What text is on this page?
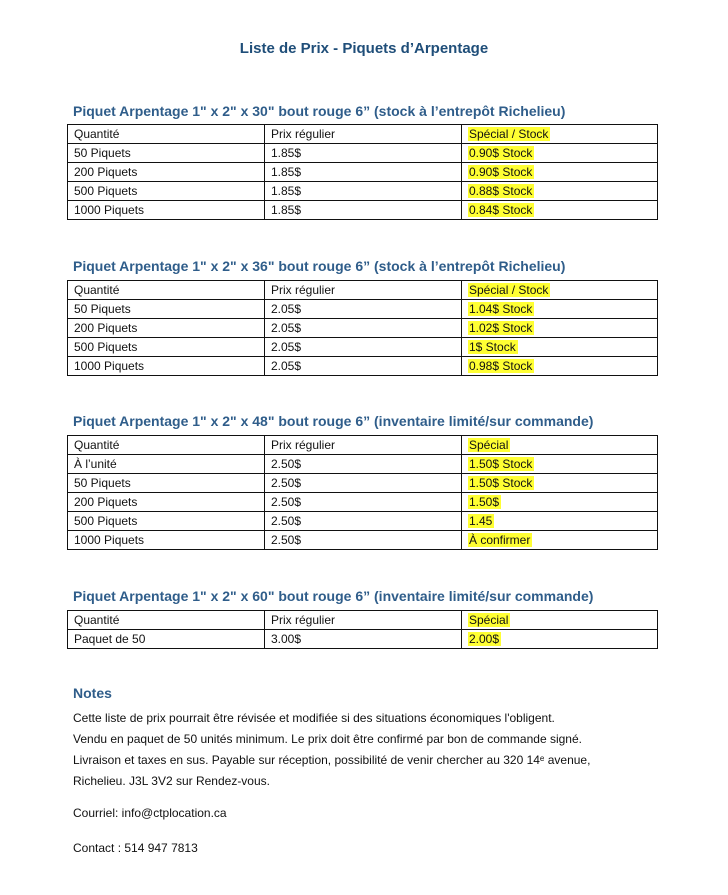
Liste de Prix - Piquets d’Arpentage
Piquet Arpentage 1" x 2" x 30" bout rouge 6” (stock à l’entrepôt Richelieu)
Quantité	Prix régulier	Spécial / Stock
50 Piquets	1.85$	0.90$ Stock
200 Piquets	1.85$	0.90$ Stock
500 Piquets	1.85$	0.88$ Stock
1000 Piquets	1.85$	0.84$ Stock
Piquet Arpentage 1" x 2" x 36" bout rouge 6” (stock à l’entrepôt Richelieu)
Quantité	Prix régulier	Spécial / Stock
50 Piquets	2.05$	1.04$ Stock
200 Piquets	2.05$	1.02$ Stock
500 Piquets	2.05$	1$ Stock
1000 Piquets	2.05$	0.98$ Stock
Piquet Arpentage 1" x 2" x 48" bout rouge 6” (inventaire limité/sur commande)
Quantité	Prix régulier	Spécial
À l’unité	2.50$	1.50$ Stock
50 Piquets	2.50$	1.50$ Stock
200 Piquets	2.50$	1.50$
500 Piquets	2.50$	1.45
1000 Piquets	2.50$	À confirmer
Piquet Arpentage 1" x 2" x 60" bout rouge 6” (inventaire limité/sur commande)
Quantité	Prix régulier	Spécial
Paquet de 50	3.00$	2.00$
Notes

Cette liste de prix pourrait être révisée et modifiée si des situations économiques l'obligent.

Vendu en paquet de 50 unités minimum. Le prix doit être confirmé par bon de commande signé.

Livraison et taxes en sus. Payable sur réception, possibilité de venir chercher au 320 14ᵉ avenue,

Richelieu. J3L 3V2 sur Rendez-vous.

Courriel: info@ctplocation.ca
Contact : 514 947 7813
